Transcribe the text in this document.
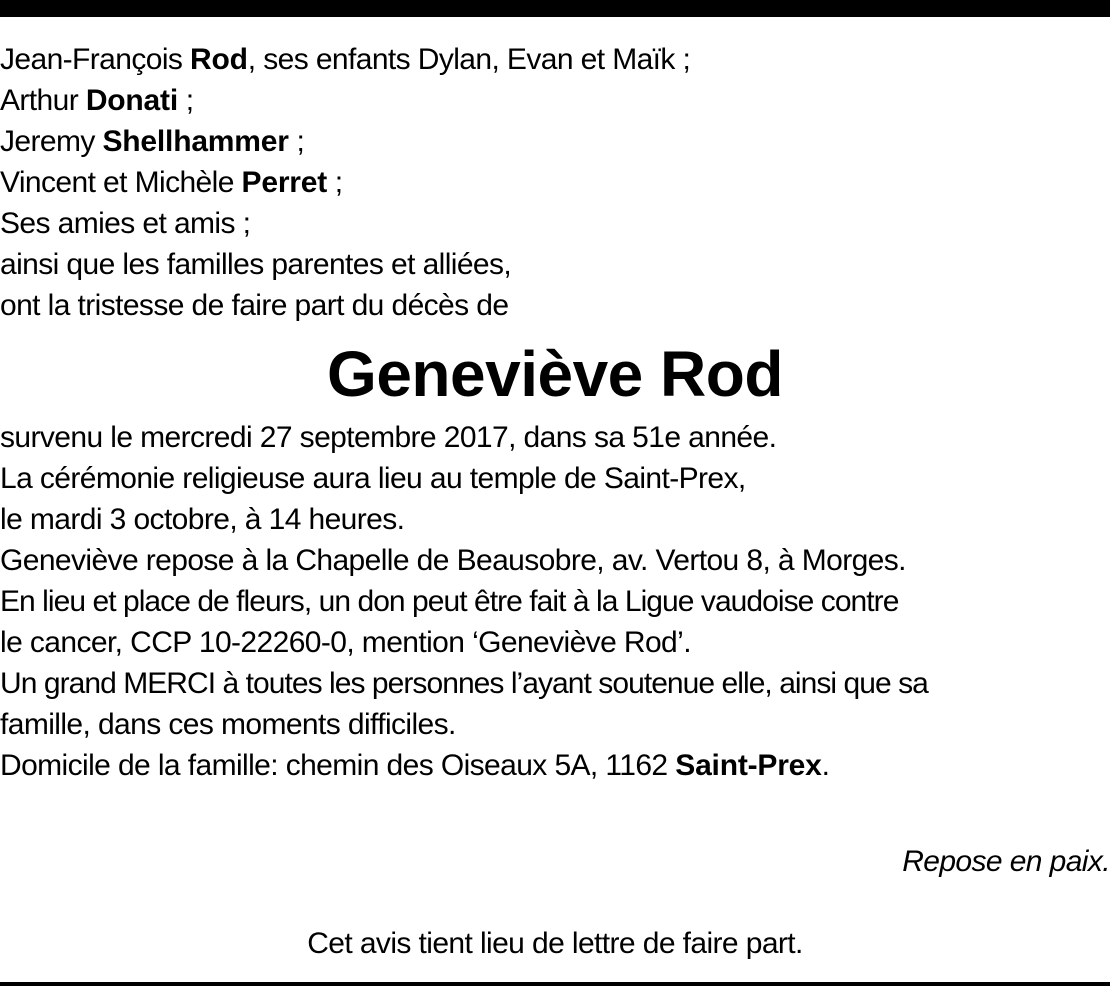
Jean-François Rod, ses enfants Dylan, Evan et Maïk ;
Arthur Donati ;
Jeremy Shellhammer ;
Vincent et Michèle Perret ;
Ses amies et amis ;
ainsi que les familles parentes et alliées,
ont la tristesse de faire part du décès de
Geneviève Rod
survenu le mercredi 27 septembre 2017, dans sa 51e année.
La cérémonie religieuse aura lieu au temple de Saint-Prex,
le mardi 3 octobre, à 14 heures.
Geneviève repose à la Chapelle de Beausobre, av. Vertou 8, à Morges.
En lieu et place de fleurs, un don peut être fait à la Ligue vaudoise contre
le cancer, CCP 10-22260-0, mention ‘Geneviève Rod’.
Un grand MERCI à toutes les personnes l’ayant soutenue elle, ainsi que sa
famille, dans ces moments difficiles.
Domicile de la famille: chemin des Oiseaux 5A, 1162 Saint-Prex.
Repose en paix.
Cet avis tient lieu de lettre de faire part.
